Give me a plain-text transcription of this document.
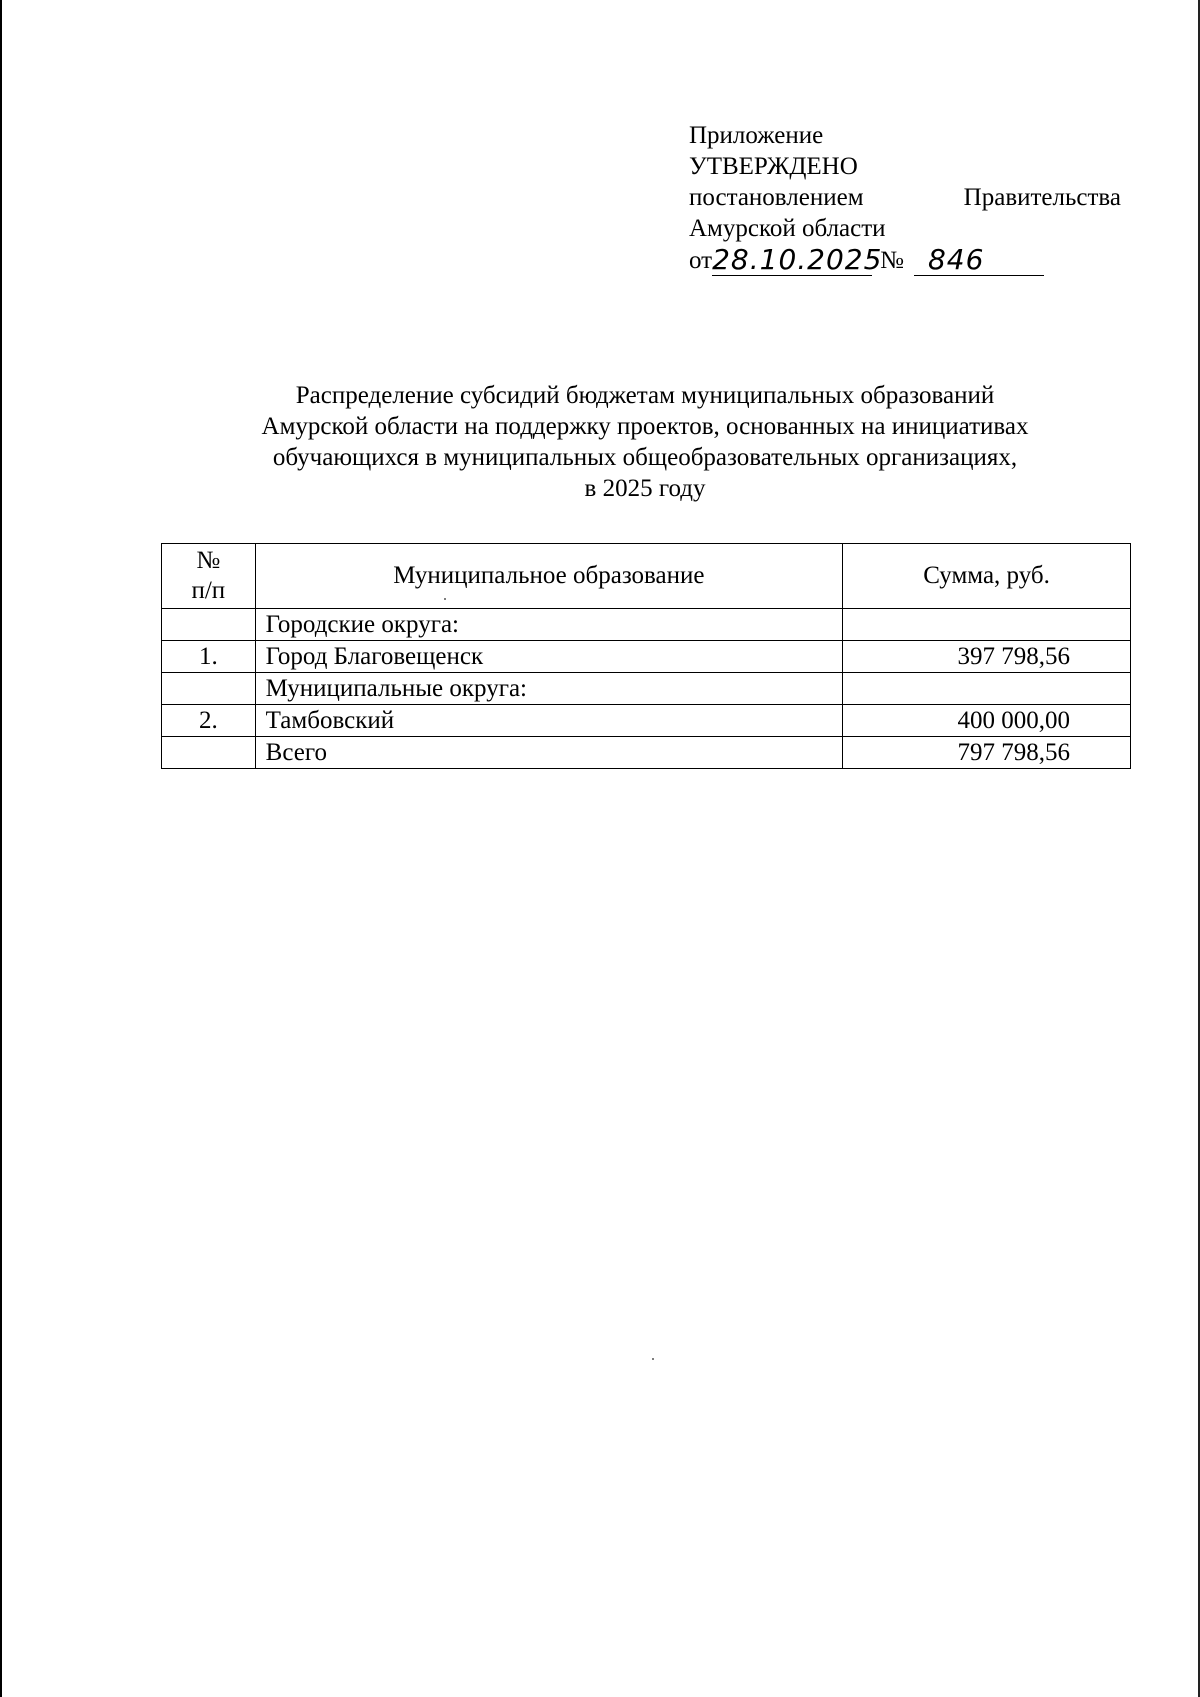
Приложение
УТВЕРЖДЕНО
постановлением	Правительства
Амурской области
от 28.10.2025
№ 846
Распределение субсидий бюджетам муниципальных образований
Амурской области на поддержку проектов, основанных на инициативах
обучающихся в муниципальных общеобразовательных организациях,
в 2025 году
№
п/п	Муниципальное образование	Сумма, руб.
	Городские округа:	
1.	Город Благовещенск	397 798,56
	Муниципальные округа:	
2.	Тамбовский	400 000,00
	Всего	797 798,56
